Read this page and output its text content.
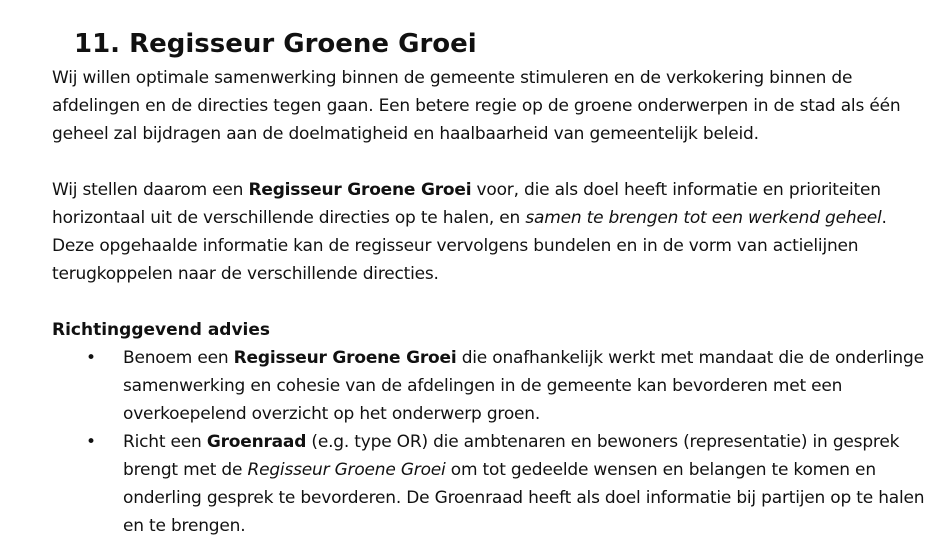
11. Regisseur Groene Groei

Wij willen optimale samenwerking binnen de gemeente stimuleren en de verkokering binnen de afdelingen en de directies tegen gaan. Een betere regie op de groene onderwerpen in de stad als één geheel zal bijdragen aan de doelmatigheid en haalbaarheid van gemeentelijk beleid.

Wij stellen daarom een Regisseur Groene Groei voor, die als doel heeft informatie en prioriteiten horizontaal uit de verschillende directies op te halen, en samen te brengen tot een werkend geheel. Deze opgehaalde informatie kan de regisseur vervolgens bundelen en in de vorm van actielijnen terugkoppelen naar de verschillende directies.

Richtinggevend advies

• Benoem een Regisseur Groene Groei die onafhankelijk werkt met mandaat die de onderlinge samenwerking en cohesie van de afdelingen in de gemeente kan bevorderen met een overkoepelend overzicht op het onderwerp groen.
• Richt een Groenraad (e.g. type OR) die ambtenaren en bewoners (representatie) in gesprek brengt met de Regisseur Groene Groei om tot gedeelde wensen en belangen te komen en onderling gesprek te bevorderen. De Groenraad heeft als doel informatie bij partijen op te halen en te brengen.
